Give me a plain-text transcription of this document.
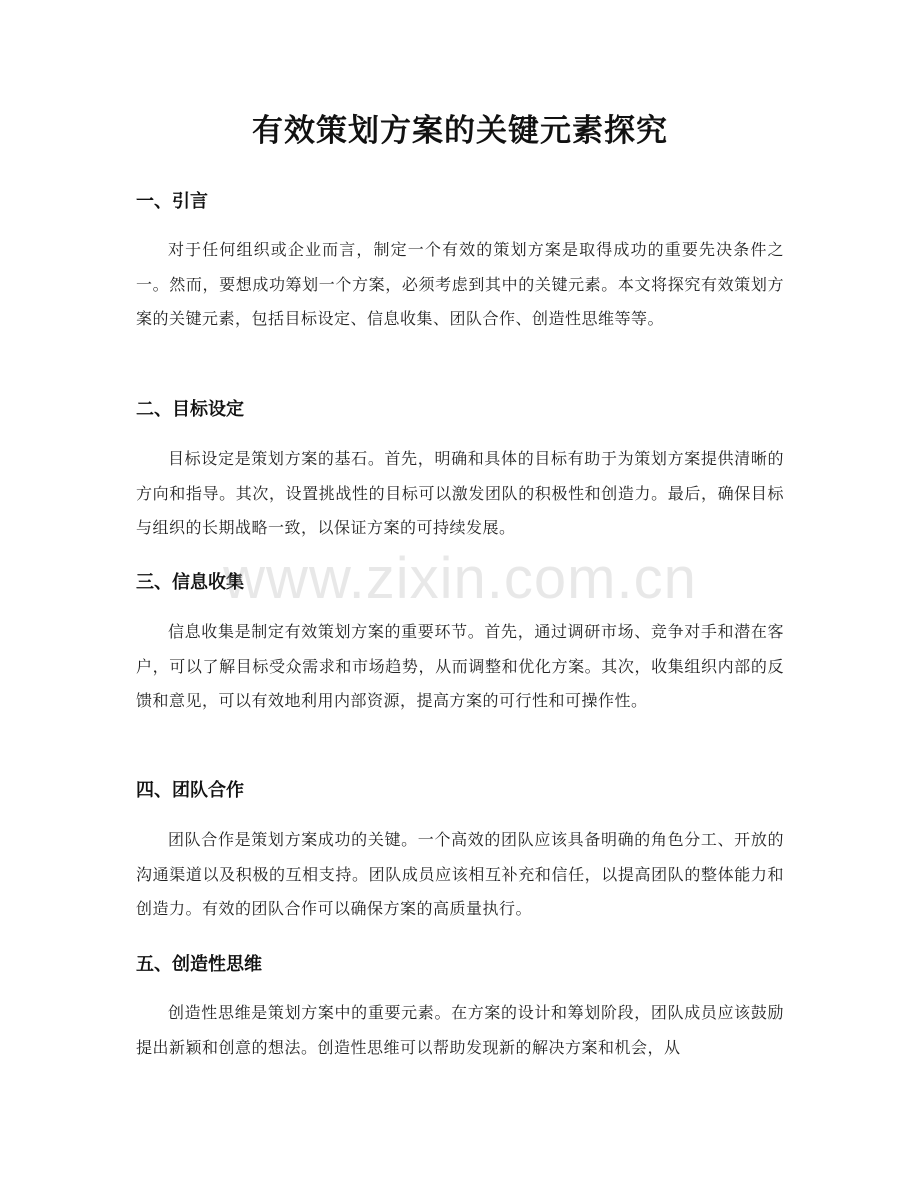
有效策划方案的关键元素探究
一、引言
对于任何组织或企业而言，制定一个有效的策划方案是取得成功的重要先决条件之一。然而，要想成功筹划一个方案，必须考虑到其中的关键元素。本文将探究有效策划方案的关键元素，包括目标设定、信息收集、团队合作、创造性思维等等。
二、目标设定
目标设定是策划方案的基石。首先，明确和具体的目标有助于为策划方案提供清晰的方向和指导。其次，设置挑战性的目标可以激发团队的积极性和创造力。最后，确保目标与组织的长期战略一致，以保证方案的可持续发展。
三、信息收集
信息收集是制定有效策划方案的重要环节。首先，通过调研市场、竞争对手和潜在客户，可以了解目标受众需求和市场趋势，从而调整和优化方案。其次，收集组织内部的反馈和意见，可以有效地利用内部资源，提高方案的可行性和可操作性。
四、团队合作
团队合作是策划方案成功的关键。一个高效的团队应该具备明确的角色分工、开放的沟通渠道以及积极的互相支持。团队成员应该相互补充和信任，以提高团队的整体能力和创造力。有效的团队合作可以确保方案的高质量执行。
五、创造性思维
创造性思维是策划方案中的重要元素。在方案的设计和筹划阶段，团队成员应该鼓励提出新颖和创意的想法。创造性思维可以帮助发现新的解决方案和机会，从
www.zixin.com.cn
